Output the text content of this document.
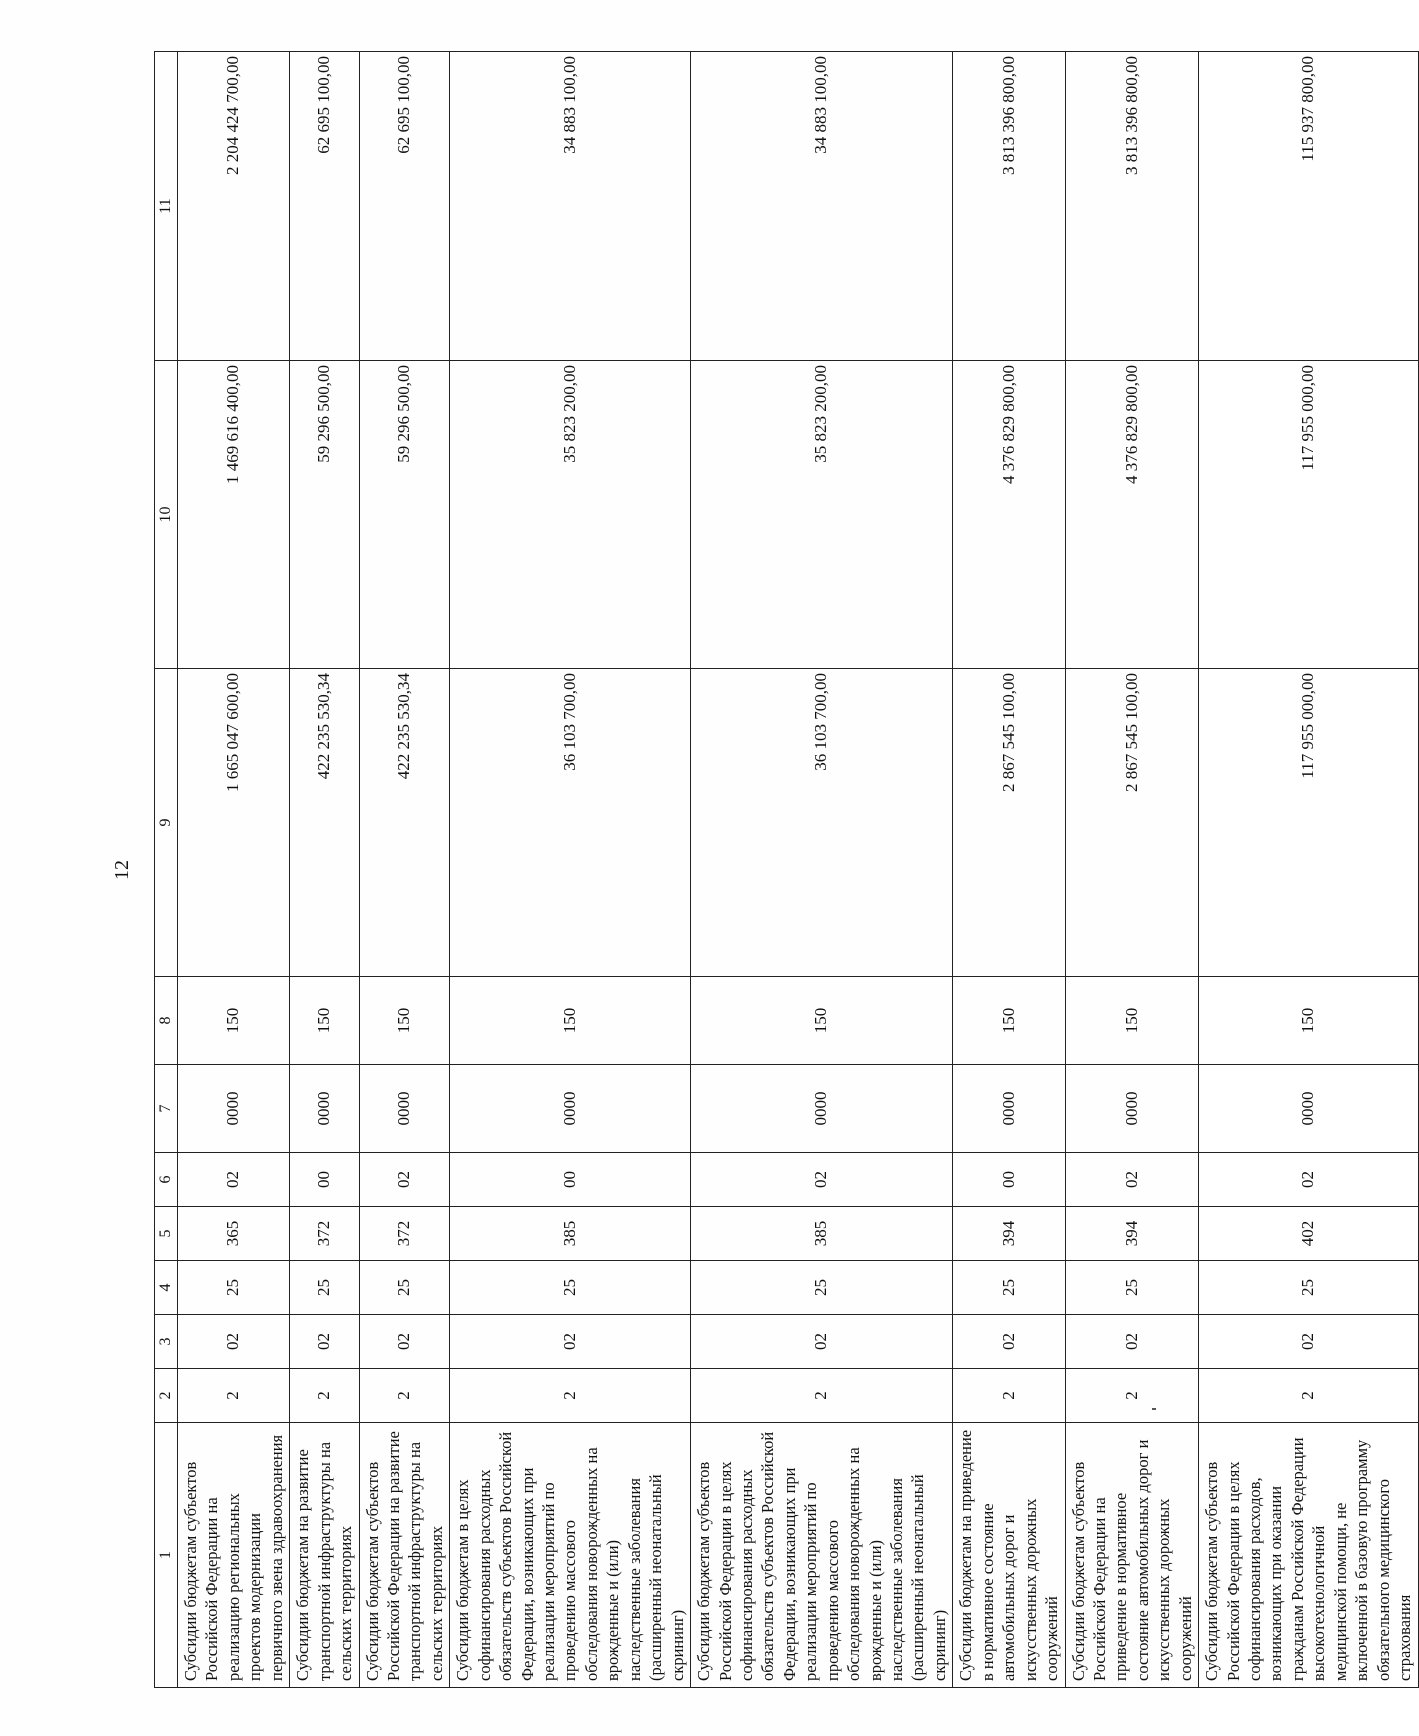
12
1	2	3	4	5	6	7	8	9	10	11
Субсидии бюджетам субъектов Российской Федерации на реализацию региональных проектов модернизации первичного звена здравоохранения	2	02	25	365	02	0000	150	1 665 047 600,00	1 469 616 400,00	2 204 424 700,00
Субсидии бюджетам на развитие транспортной инфраструктуры на сельских территориях	2	02	25	372	00	0000	150	422 235 530,34	59 296 500,00	62 695 100,00
Субсидии бюджетам субъектов Российской Федерации на развитие транспортной инфраструктуры на сельских территориях	2	02	25	372	02	0000	150	422 235 530,34	59 296 500,00	62 695 100,00
Субсидии бюджетам в целях софинансирования расходных обязательств субъектов Российской Федерации, возникающих при реализации мероприятий по проведению массового обследования новорожденных на врожденные и (или) наследственные заболевания (расширенный неонатальный скрининг)	2	02	25	385	00	0000	150	36 103 700,00	35 823 200,00	34 883 100,00
Субсидии бюджетам субъектов Российской Федерации в целях софинансирования расходных обязательств субъектов Российской Федерации, возникающих при реализации мероприятий по проведению массового обследования новорожденных на врожденные и (или) наследственные заболевания (расширенный неонатальный скрининг)	2	02	25	385	02	0000	150	36 103 700,00	35 823 200,00	34 883 100,00
Субсидии бюджетам на приведение в нормативное состояние автомобильных дорог и искусственных дорожных сооружений	2	02	25	394	00	0000	150	2 867 545 100,00	4 376 829 800,00	3 813 396 800,00
Субсидии бюджетам субъектов Российской Федерации на приведение в нормативное состояние автомобильных дорог и искусственных дорожных сооружений	2	02	25	394	02	0000	150	2 867 545 100,00	4 376 829 800,00	3 813 396 800,00
Субсидии бюджетам субъектов Российской Федерации в целях софинансирования расходов, возникающих при оказании гражданам Российской Федерации высокотехнологичной медицинской помощи, не включенной в базовую программу обязательного медицинского страхования	2	02	25	402	02	0000	150	117 955 000,00	117 955 000,00	115 937 800,00
